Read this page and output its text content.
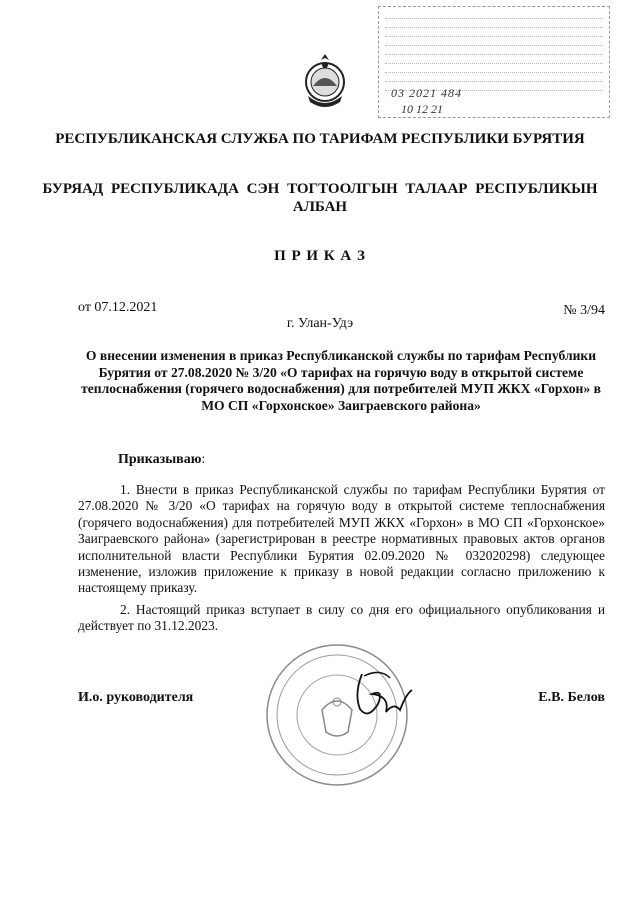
03 2021 484
10 12 21
РЕСПУБЛИКАНСКАЯ СЛУЖБА ПО ТАРИФАМ РЕСПУБЛИКИ БУРЯТИЯ
БУРЯАД РЕСПУБЛИКАДА СЭН ТОГТООЛГЫН ТАЛААР РЕСПУБЛИКЫН АЛБАН
П Р И К А З
от 07.12.2021	№ 3/94
г. Улан-Удэ
О внесении изменения в приказ Республиканской службы по тарифам Республики Бурятия от 27.08.2020 № 3/20 «О тарифах на горячую воду в открытой системе теплоснабжения (горячего водоснабжения) для потребителей МУП ЖКХ «Горхон» в МО СП «Горхонское» Заиграевского района»
Приказываю:
1. Внести в приказ Республиканской службы по тарифам Республики Бурятия от 27.08.2020 № 3/20 «О тарифах на горячую воду в открытой системе теплоснабжения (горячего водоснабжения) для потребителей МУП ЖКХ «Горхон» в МО СП «Горхонское» Заиграевского района» (зарегистрирован в реестре нормативных правовых актов органов исполнительной власти Республики Бурятия 02.09.2020 № 032020298) следующее изменение, изложив приложение к приказу в новой редакции согласно приложению к настоящему приказу.
2. Настоящий приказ вступает в силу со дня его официального опубликования и действует по 31.12.2023.
И.о. руководителя	Е.В. Белов
